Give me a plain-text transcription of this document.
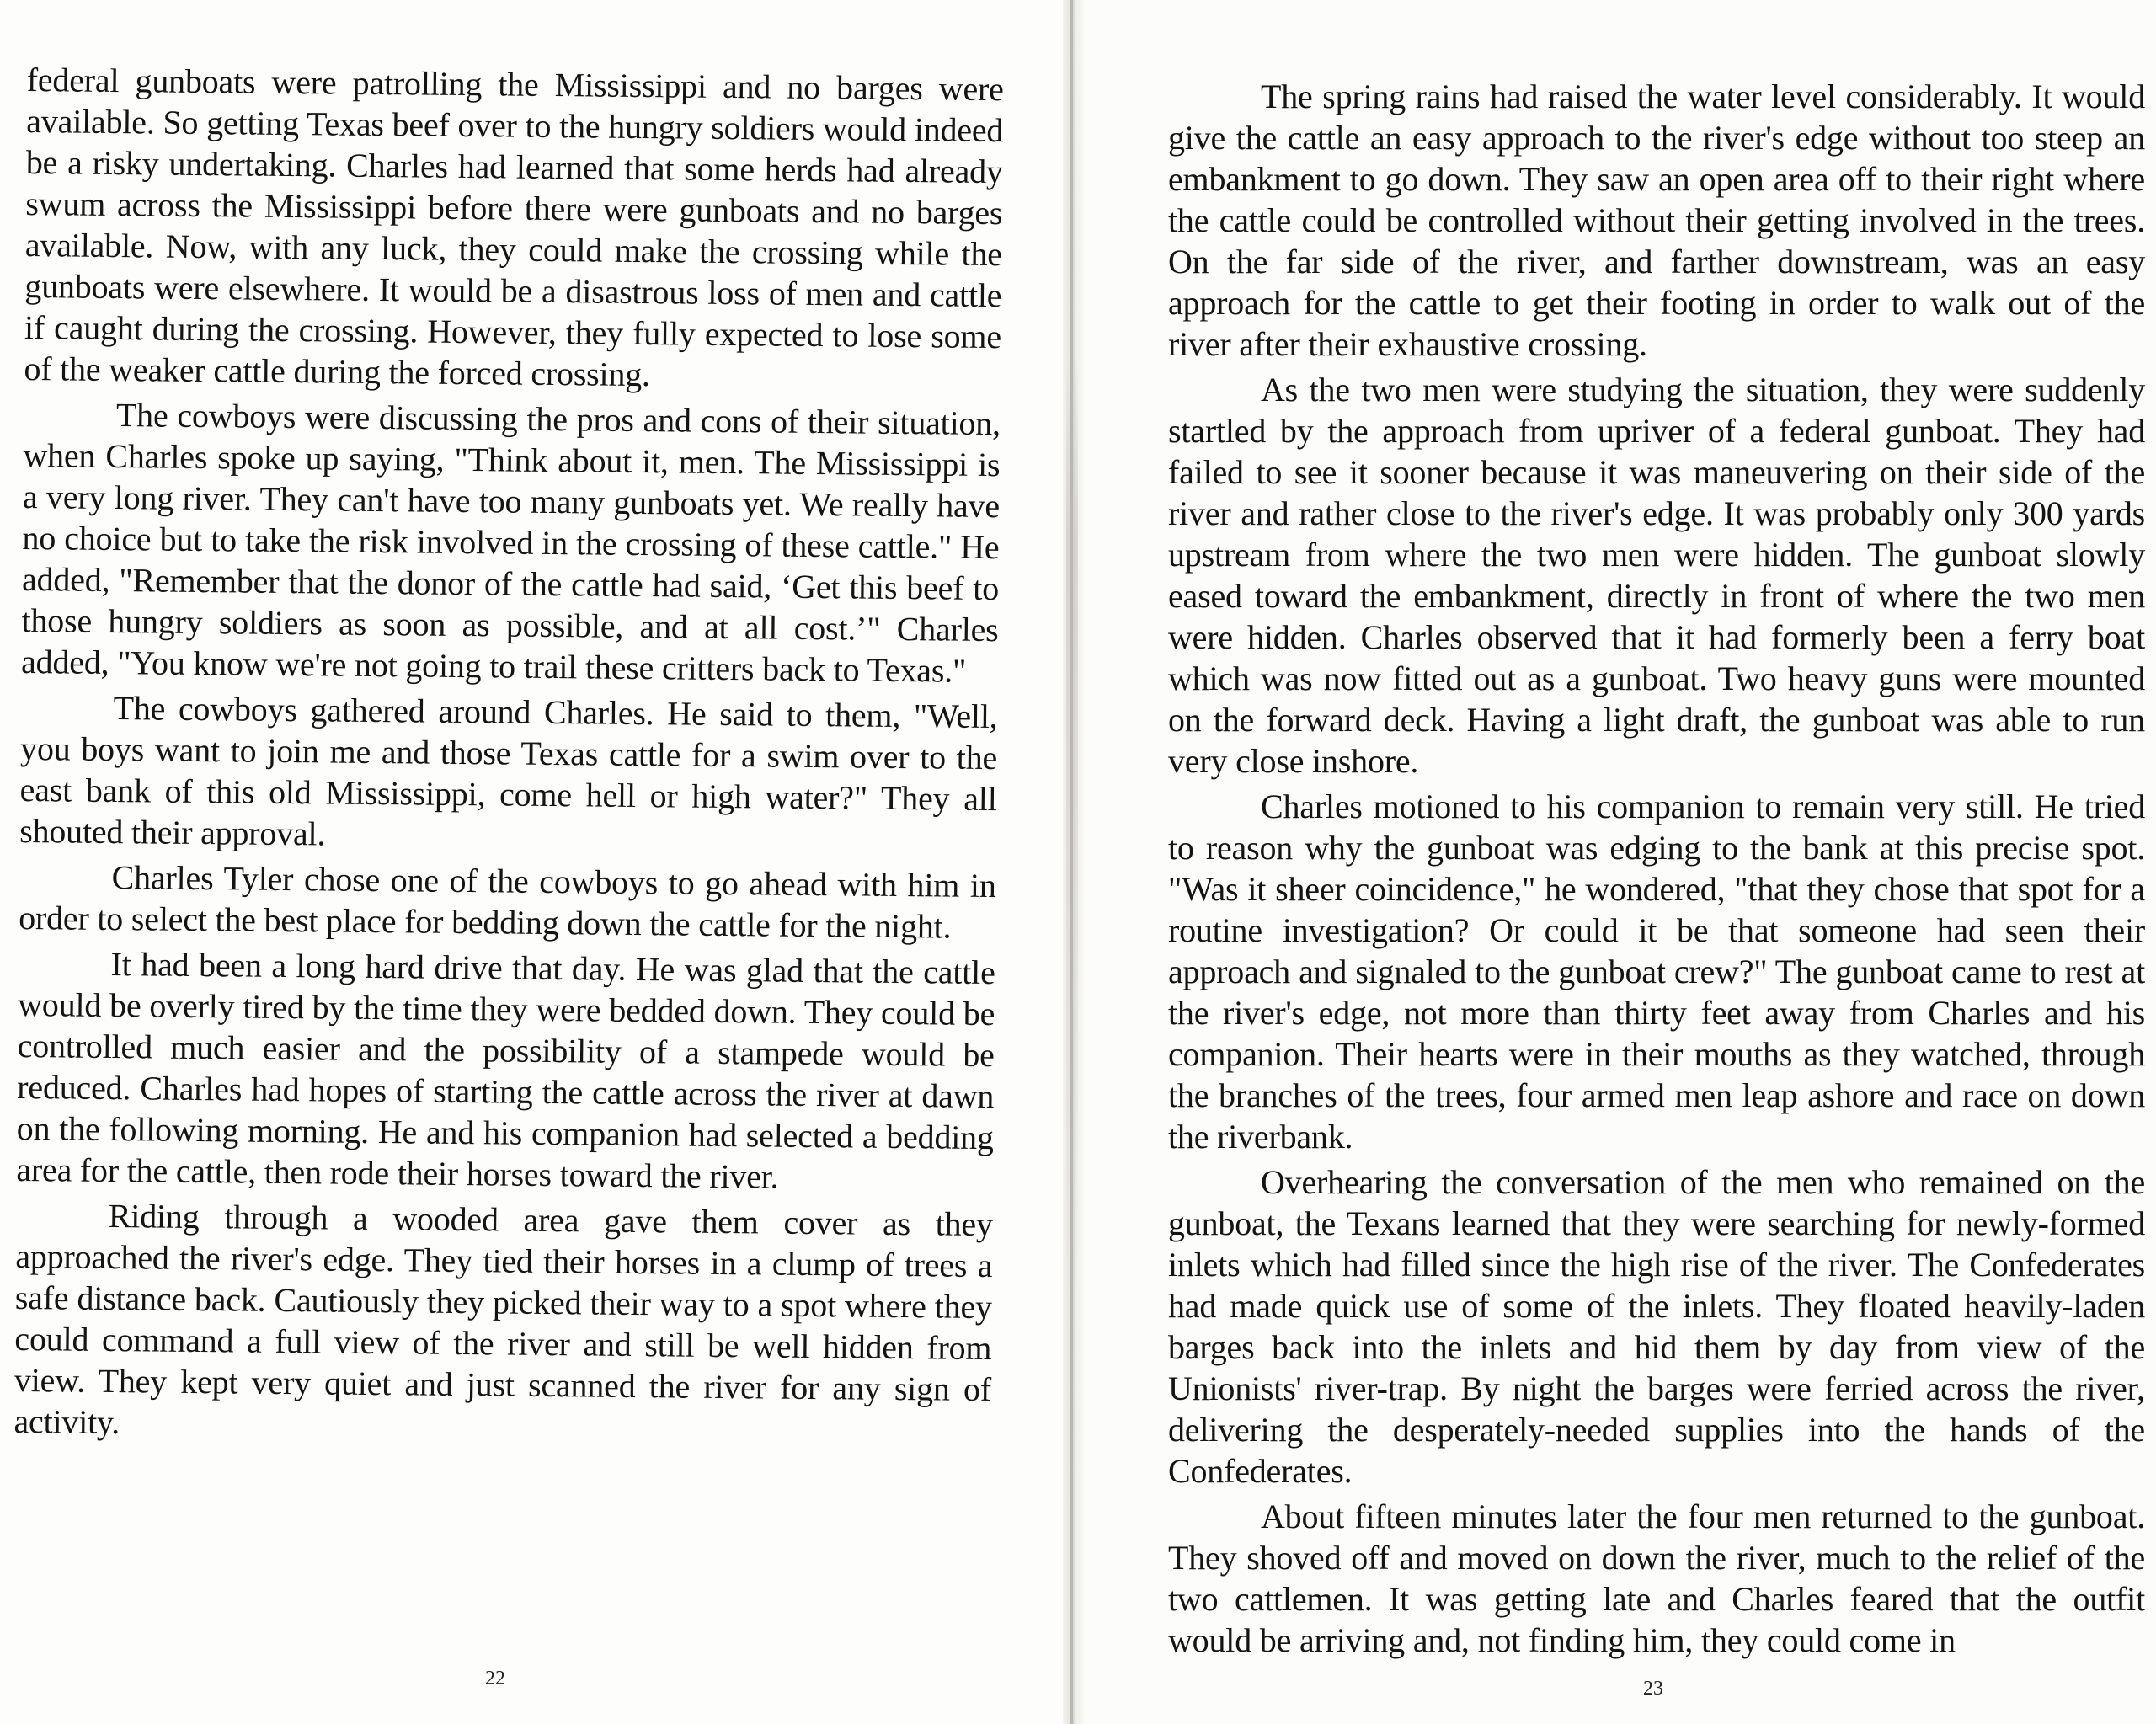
federal gunboats were patrolling the Mississippi and no barges were available. So getting Texas beef over to the hungry soldiers would indeed be a risky undertaking. Charles had learned that some herds had already swum across the Mississippi before there were gunboats and no barges available. Now, with any luck, they could make the crossing while the gunboats were elsewhere. It would be a disastrous loss of men and cattle if caught during the crossing. However, they fully expected to lose some of the weaker cattle during the forced crossing.

The cowboys were discussing the pros and cons of their situation, when Charles spoke up saying, "Think about it, men. The Mississippi is a very long river. They can't have too many gunboats yet. We really have no choice but to take the risk involved in the crossing of these cattle." He added, "Remember that the donor of the cattle had said, ‘Get this beef to those hungry soldiers as soon as possible, and at all cost.’" Charles added, "You know we're not going to trail these critters back to Texas."

The cowboys gathered around Charles. He said to them, "Well, you boys want to join me and those Texas cattle for a swim over to the east bank of this old Mississippi, come hell or high water?" They all shouted their approval.

Charles Tyler chose one of the cowboys to go ahead with him in order to select the best place for bedding down the cattle for the night.

It had been a long hard drive that day. He was glad that the cattle would be overly tired by the time they were bedded down. They could be controlled much easier and the possibility of a stampede would be reduced. Charles had hopes of starting the cattle across the river at dawn on the following morning. He and his companion had selected a bedding area for the cattle, then rode their horses toward the river.

Riding through a wooded area gave them cover as they approached the river's edge. They tied their horses in a clump of trees a safe distance back. Cautiously they picked their way to a spot where they could command a full view of the river and still be well hidden from view. They kept very quiet and just scanned the river for any sign of activity.

22

The spring rains had raised the water level considerably. It would give the cattle an easy approach to the river's edge without too steep an embankment to go down. They saw an open area off to their right where the cattle could be controlled without their getting involved in the trees. On the far side of the river, and farther downstream, was an easy approach for the cattle to get their footing in order to walk out of the river after their exhaustive crossing.

As the two men were studying the situation, they were suddenly startled by the approach from upriver of a federal gunboat. They had failed to see it sooner because it was maneuvering on their side of the river and rather close to the river's edge. It was probably only 300 yards upstream from where the two men were hidden. The gunboat slowly eased toward the embankment, directly in front of where the two men were hidden. Charles observed that it had formerly been a ferry boat which was now fitted out as a gunboat. Two heavy guns were mounted on the forward deck. Having a light draft, the gunboat was able to run very close inshore.

Charles motioned to his companion to remain very still. He tried to reason why the gunboat was edging to the bank at this precise spot. "Was it sheer coincidence," he wondered, "that they chose that spot for a routine investigation? Or could it be that someone had seen their approach and signaled to the gunboat crew?" The gunboat came to rest at the river's edge, not more than thirty feet away from Charles and his companion. Their hearts were in their mouths as they watched, through the branches of the trees, four armed men leap ashore and race on down the riverbank.

Overhearing the conversation of the men who remained on the gunboat, the Texans learned that they were searching for newly-formed inlets which had filled since the high rise of the river. The Confederates had made quick use of some of the inlets. They floated heavily-laden barges back into the inlets and hid them by day from view of the Unionists' river-trap. By night the barges were ferried across the river, delivering the desperately-needed supplies into the hands of the Confederates.

About fifteen minutes later the four men returned to the gunboat. They shoved off and moved on down the river, much to the relief of the two cattlemen. It was getting late and Charles feared that the outfit would be arriving and, not finding him, they could come in

23
